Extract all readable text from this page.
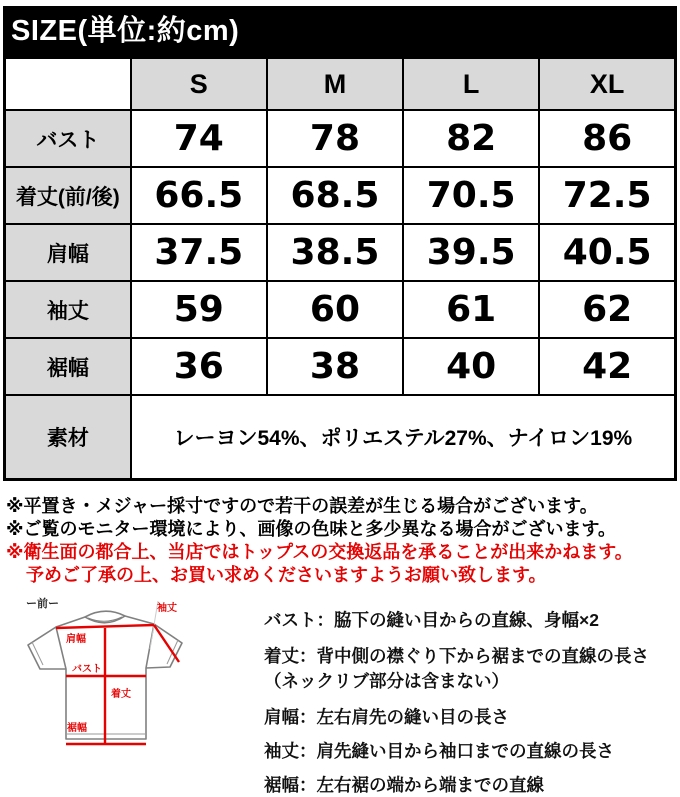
SIZE(単位:約cm)
	S	M	L	XL
バスト	74	78	82	86
着丈(前/後)	66.5	68.5	70.5	72.5
肩幅	37.5	38.5	39.5	40.5
袖丈	59	60	61	62
裾幅	36	38	40	42
素材	レーヨン54%、ポリエステル27%、ナイロン19%			
※平置き・メジャー採寸ですので若干の誤差が生じる場合がございます。
※ご覧のモニター環境により、画像の色味と多少異なる場合がございます。
※衛生面の都合上、当店ではトップスの交換返品を承ることが出来かねます。
予めご了承の上、お買い求めくださいますようお願い致します。
ー前ー
肩幅
袖丈
バスト
着丈
裾幅
バスト：脇下の縫い目からの直線、身幅×2
着丈：背中側の襟ぐり下から裾までの直線の長さ
（ネックリブ部分は含まない）
肩幅：左右肩先の縫い目の長さ
袖丈：肩先縫い目から袖口までの直線の長さ
裾幅：左右裾の端から端までの直線
